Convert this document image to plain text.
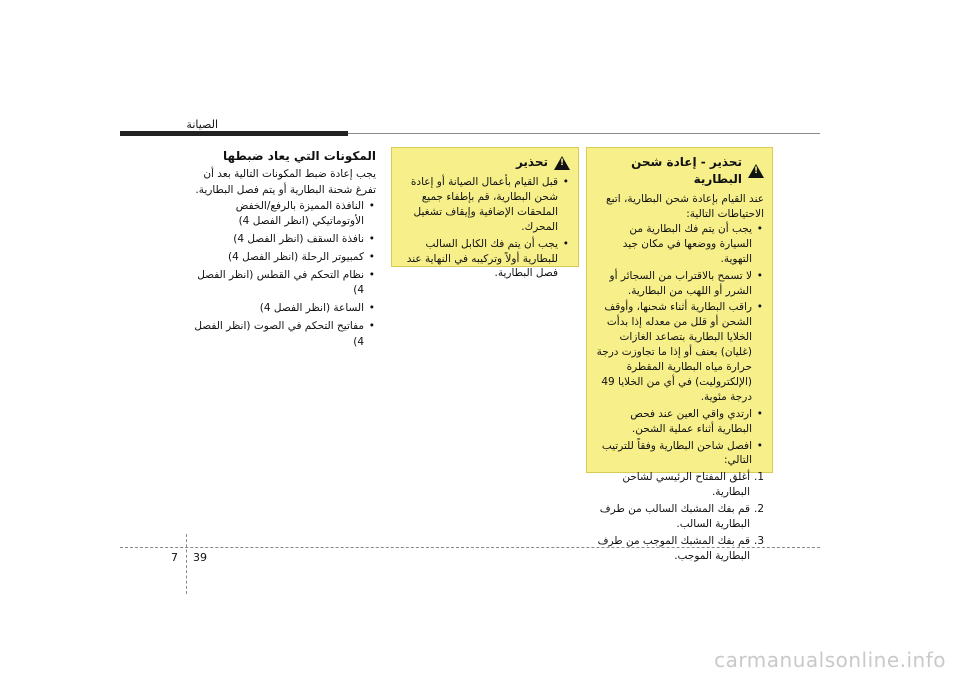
الصيانة
!
تحذير - إعادة شحن البطارية
عند القيام بإعادة شحن البطارية، اتبع الاحتياطات التالية:
• يجب أن يتم فك البطارية من السيارة ووضعها في مكان جيد التهوية.
• لا تسمح بالاقتراب من السجائر أو الشرر أو اللهب من البطارية.
• راقب البطارية أثناء شحنها، وأوقف الشحن أو قلل من معدله إذا بدأت الخلايا البطارية بتصاعد الغازات (غليان) بعنف أو إذا ما تجاوزت درجة حرارة مياه البطارية المقطرة (الإلكتروليت) في أي من الخلايا 49 درجة مئوية.
• ارتدي واقي العين عند فحص البطارية أثناء عملية الشحن.
• افصل شاحن البطارية وفقاً للترتيب التالي:
1.
أغلق المفتاح الرئيسي لشاحن البطارية.
2.
قم بفك المشبك السالب من طرف البطارية السالب.
3.
قم بفك المشبك الموجب من طرف البطارية الموجب.
!
تحذير
• قبل القيام بأعمال الصيانة أو إعادة شحن البطارية، قم بإطفاء جميع الملحقات الإضافية وإيقاف تشغيل المحرك.
• يجب أن يتم فك الكابل السالب للبطارية أولاً وتركيبه في النهاية عند فصل البطارية.
المكونات التي يعاد ضبطها
يجب إعادة ضبط المكونات التالية بعد أن تفرغ شحنة البطارية أو يتم فصل البطارية.
• النافذة المميزة بالرفع/الخفض الأوتوماتيكي (انظر الفصل 4)
• نافذة السقف (انظر الفصل 4)
• كمبيوتر الرحلة (انظر الفصل 4)
• نظام التحكم في القطس (انظر الفصل 4)
• الساعة (انظر الفصل 4)
• مفاتيح التحكم في الصوت (انظر الفصل 4)
7 39
carmanualsonline.info
